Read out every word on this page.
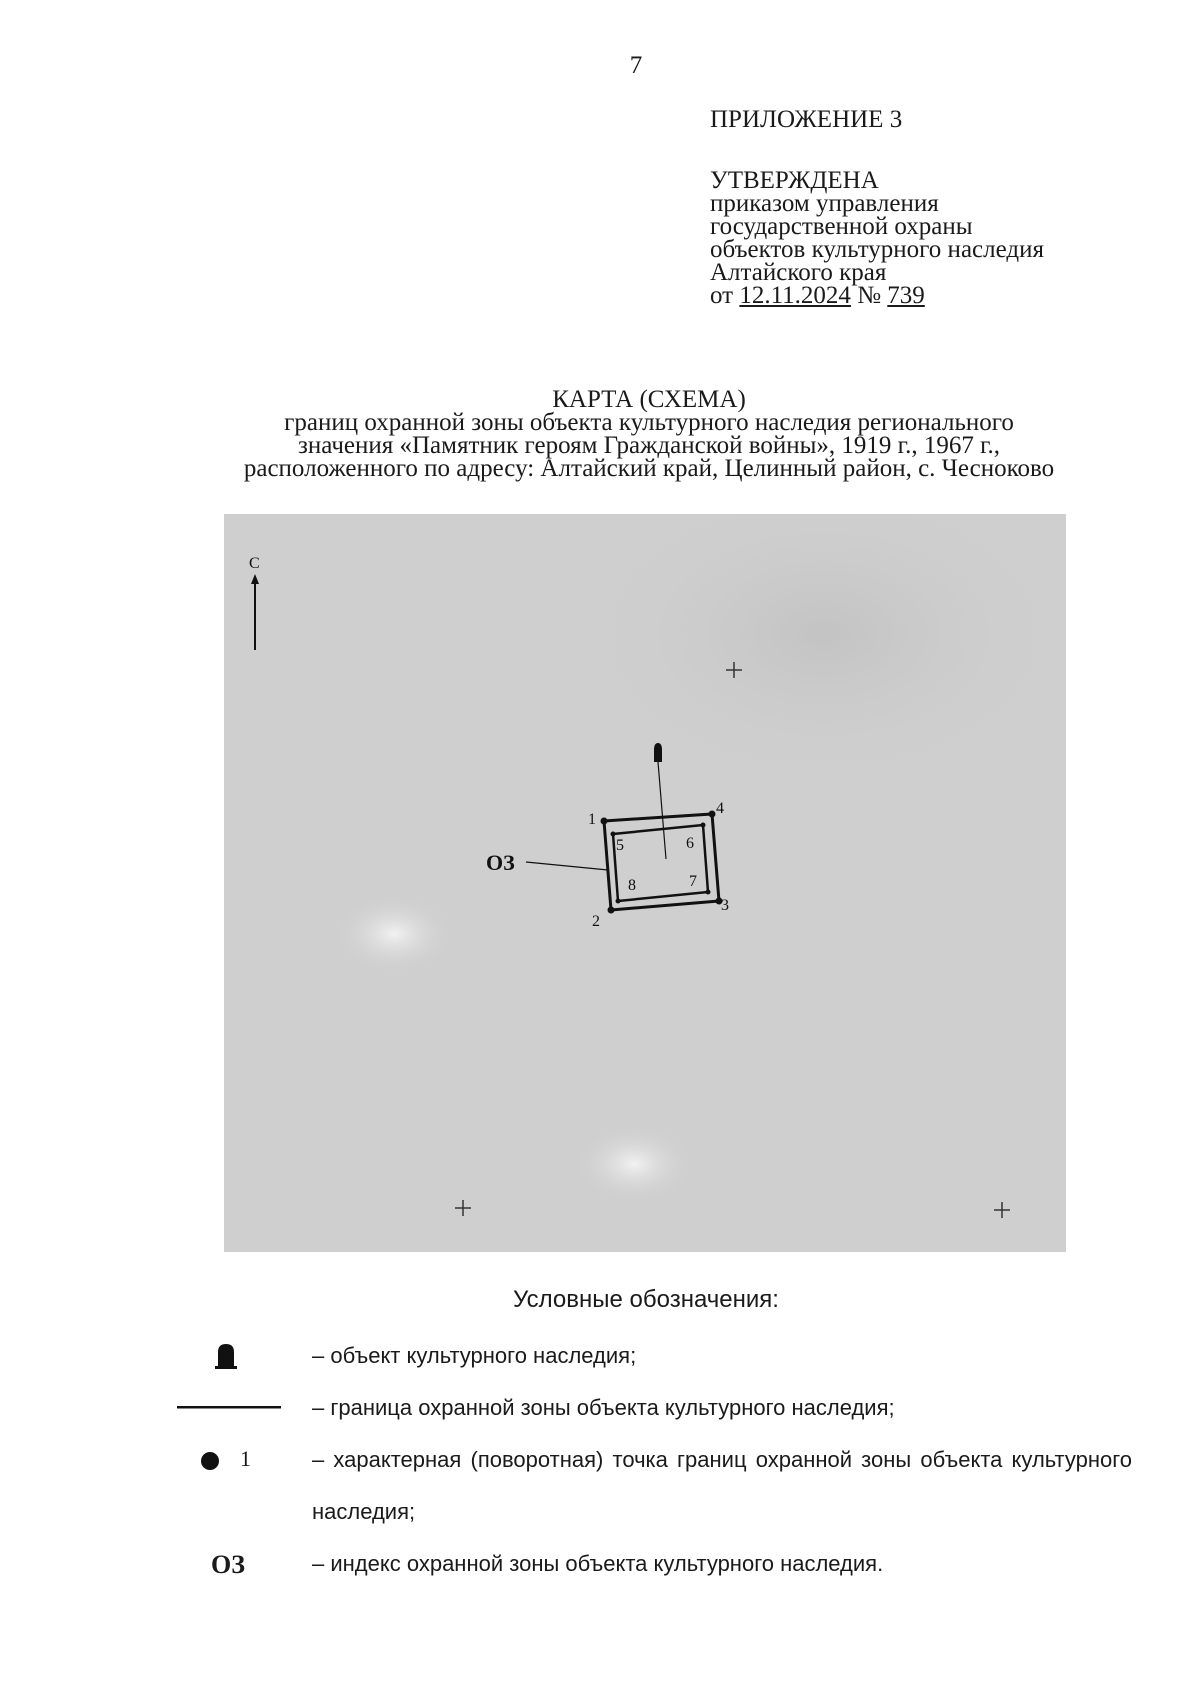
7
ПРИЛОЖЕНИЕ 3
УТВЕРЖДЕНА
приказом управления
государственной охраны
объектов культурного наследия
Алтайского края
от 12.11.2024 № 739
КАРТА (СХЕМА)
границ охранной зоны объекта культурного наследия регионального
значения «Памятник героям Гражданской войны», 1919 г., 1967 г.,
расположенного по адресу: Алтайский край, Целинный район, с. Чесноково
С
1
2
3
4
5	6
7
8
ОЗ
Условные обозначения:
– объект культурного наследия;
– граница охранной зоны объекта культурного наследия;
1	– характерная (поворотная) точка границ охранной зоны объекта культурного наследия;
ОЗ	– индекс охранной зоны объекта культурного наследия.
